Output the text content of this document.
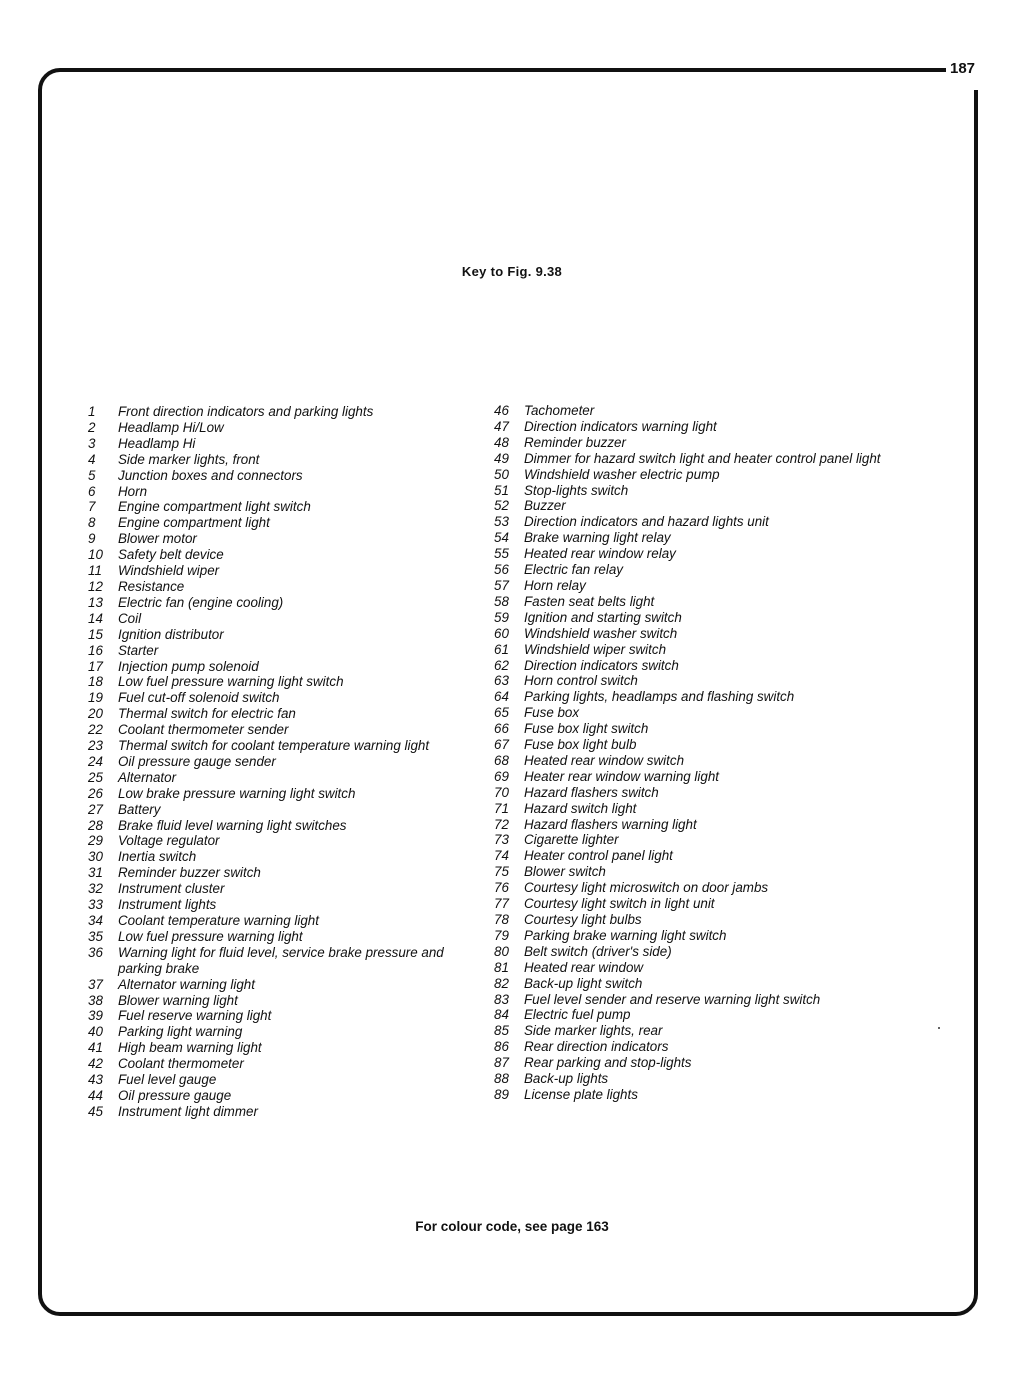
187
Key to Fig. 9.38
1	Front direction indicators and parking lights
2	Headlamp Hi/Low
3	Headlamp Hi
4	Side marker lights, front
5	Junction boxes and connectors
6	Horn
7	Engine compartment light switch
8	Engine compartment light
9	Blower motor
10	Safety belt device
11	Windshield wiper
12	Resistance
13	Electric fan (engine cooling)
14	Coil
15	Ignition distributor
16	Starter
17	Injection pump solenoid
18	Low fuel pressure warning light switch
19	Fuel cut-off solenoid switch
20	Thermal switch for electric fan
22	Coolant thermometer sender
23	Thermal switch for coolant temperature warning light
24	Oil pressure gauge sender
25	Alternator
26	Low brake pressure warning light switch
27	Battery
28	Brake fluid level warning light switches
29	Voltage regulator
30	Inertia switch
31	Reminder buzzer switch
32	Instrument cluster
33	Instrument lights
34	Coolant temperature warning light
35	Low fuel pressure warning light
36	Warning light for fluid level, service brake pressure and parking brake
37	Alternator warning light
38	Blower warning light
39	Fuel reserve warning light
40	Parking light warning
41	High beam warning light
42	Coolant thermometer
43	Fuel level gauge
44	Oil pressure gauge
45	Instrument light dimmer
46	Tachometer
47	Direction indicators warning light
48	Reminder buzzer
49	Dimmer for hazard switch light and heater control panel light
50	Windshield washer electric pump
51	Stop-lights switch
52	Buzzer
53	Direction indicators and hazard lights unit
54	Brake warning light relay
55	Heated rear window relay
56	Electric fan relay
57	Horn relay
58	Fasten seat belts light
59	Ignition and starting switch
60	Windshield washer switch
61	Windshield wiper switch
62	Direction indicators switch
63	Horn control switch
64	Parking lights, headlamps and flashing switch
65	Fuse box
66	Fuse box light switch
67	Fuse box light bulb
68	Heated rear window switch
69	Heater rear window warning light
70	Hazard flashers switch
71	Hazard switch light
72	Hazard flashers warning light
73	Cigarette lighter
74	Heater control panel light
75	Blower switch
76	Courtesy light microswitch on door jambs
77	Courtesy light switch in light unit
78	Courtesy light bulbs
79	Parking brake warning light switch
80	Belt switch (driver's side)
81	Heated rear window
82	Back-up light switch
83	Fuel level sender and reserve warning light switch
84	Electric fuel pump
85	Side marker lights, rear
86	Rear direction indicators
87	Rear parking and stop-lights
88	Back-up lights
89	License plate lights
For colour code, see page 163
